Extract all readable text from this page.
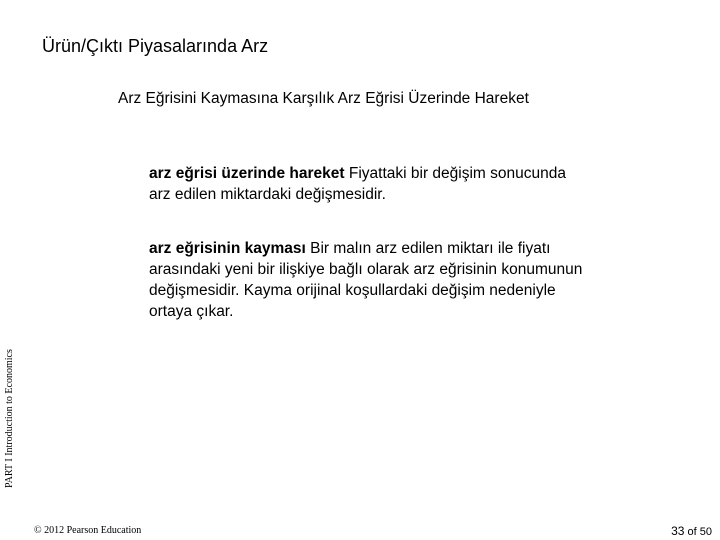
Ürün/Çıktı Piyasalarında Arz
Arz Eğrisini Kaymasına Karşılık Arz Eğrisi Üzerinde Hareket
arz eğrisi üzerinde hareket Fiyattaki bir değişim sonucunda arz edilen miktardaki değişmesidir.
arz eğrisinin kayması Bir malın arz edilen miktarı ile fiyatı arasındaki yeni bir ilişkiye bağlı olarak arz eğrisinin konumunun değişmesidir. Kayma orijinal koşullardaki değişim nedeniyle ortaya çıkar.
PART I Introduction to Economics
© 2012 Pearson Education	33 of 50
